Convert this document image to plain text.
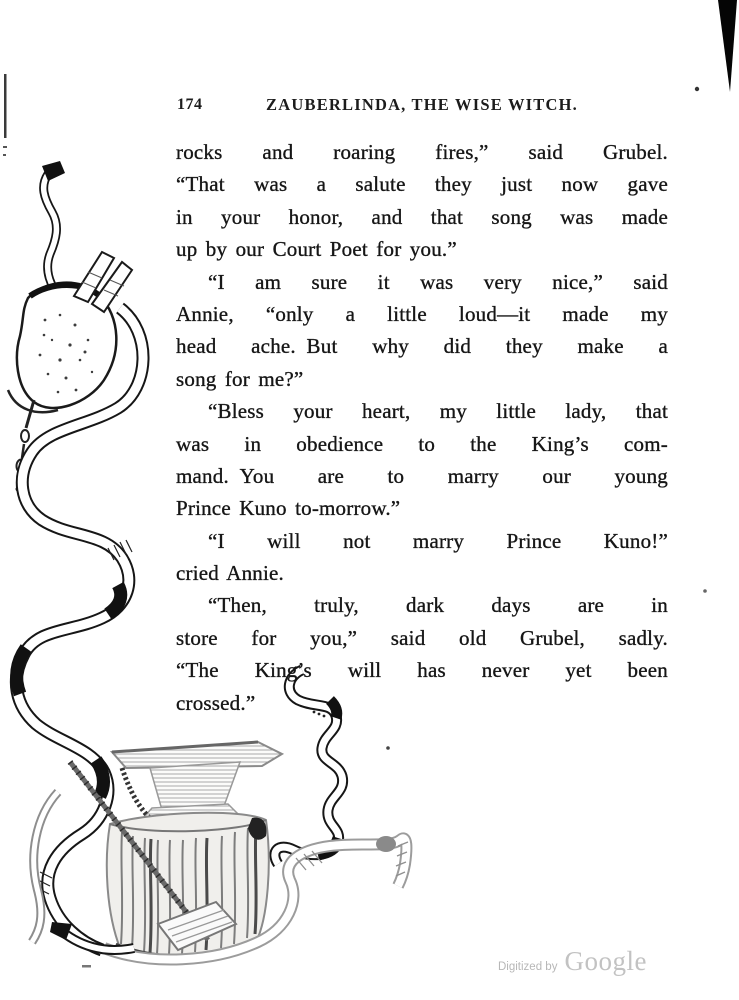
174	ZAUBERLINDA, THE WISE WITCH.
rocks and roaring fires,” said Grubel.
“That was a salute they just now gave
in your honor, and that song was made
up by our Court Poet for you.”
“I am sure it was very nice,” said
Annie, “only a little loud—it made my
head ache. But why did they make a
song for me?”
“Bless your heart, my little lady, that
was in obedience to the King’s com-
mand. You are to marry our young
Prince Kuno to-morrow.”
“I will not marry Prince Kuno!”
cried Annie.
“Then, truly, dark days are in
store for you,” said old Grubel, sadly.
“The King’s will has never yet been
crossed.”
Digitized by Google
